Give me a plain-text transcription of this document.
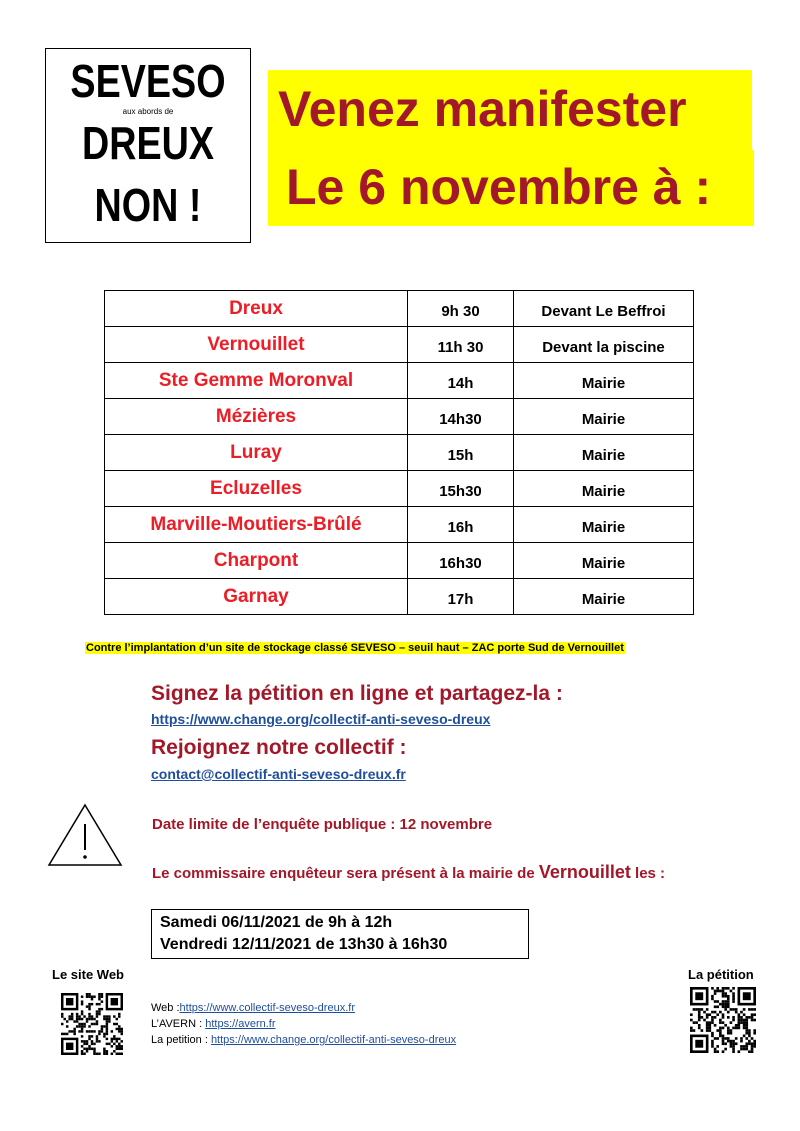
SEVESO
aux abords de
DREUX
NON !
Venez manifester
Le 6 novembre à :
Dreux	9h 30	Devant Le Beffroi
Vernouillet	11h 30	Devant la piscine
Ste Gemme Moronval	14h	Mairie
Mézières	14h30	Mairie
Luray	15h	Mairie
Ecluzelles	15h30	Mairie
Marville-Moutiers-Brûlé	16h	Mairie
Charpont	16h30	Mairie
Garnay	17h	Mairie
Contre l’implantation d’un site de stockage classé SEVESO – seuil haut – ZAC porte Sud de Vernouillet
Signez la pétition en ligne et partagez-la :
https://www.change.org/collectif-anti-seveso-dreux
Rejoignez notre collectif :
contact@collectif-anti-seveso-dreux.fr
Date limite de l’enquête publique : 12 novembre
Le commissaire enquêteur sera présent à la mairie de Vernouillet les :
Samedi 06/11/2021 de 9h à 12h
Vendredi 12/11/2021 de 13h30 à 16h30
Le site Web	La pétition
Web :https://www.collectif-seveso-dreux.fr
L’AVERN : https://avern.fr
La petition : https://www.change.org/collectif-anti-seveso-dreux
